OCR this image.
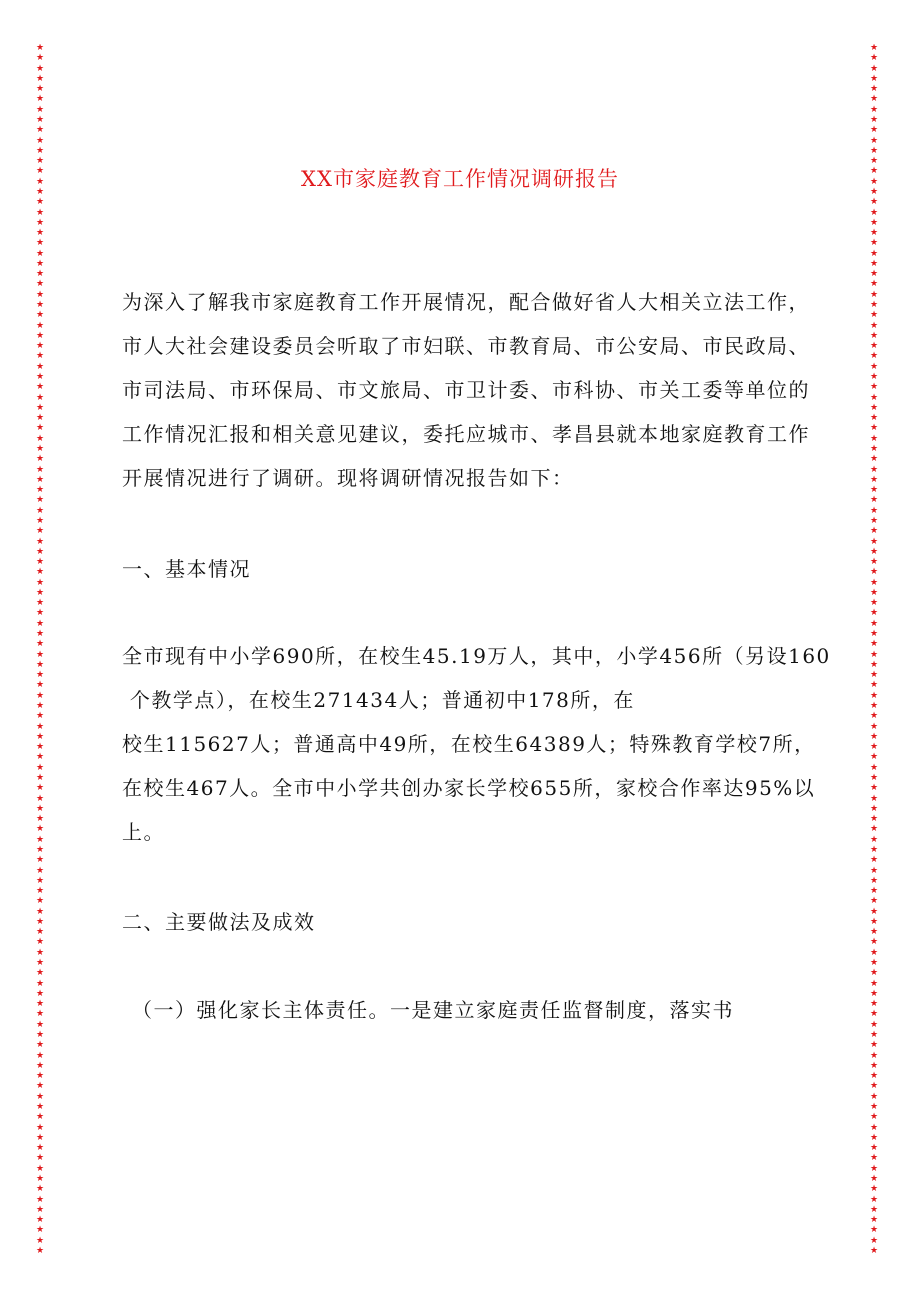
★
★
★
★
★
★
★
★
★
★
★
★
★
★
★
★
★
★
★
★
★
★
★
★
★
★
★
★
★
★
★
★
★
★
★
★
★
★
★
★
★
★
★
★
★
★
★
★
★
★
★
★
★
★
★
★
★
★
★
★
★
★
★
★
★
★
★
★
★
★
★
★
★
★
★
★
★
★
★
★
★
★
★
★
★
★
★
★
★
★
★
★
★
★
★
★
★
★
★
★
★
★
★
★
★
★
★
★
★
★
★
★
★
★
★
★
★
★
★
★
★
★
★
★
★
★
★
★
★
★
★
★
★
★
★
★
★
★
★
★
★
★
★
★
★
★
★
★
★
★
★
★
★
★
★
★
★
★
★
★
★
★
★
★
★
★
★
★
★
★
★
★
★
★
★
★
★
★
★
★
★
★
★
★
★
★
★
★
★
★
★
★
★
★
★
★
★
★
★
★
★
★
★
★
★
★
★
★
★
★
★
★
★
★
★
★
★
★
★
★
★
★
★
★
★
★
★
★
★
★
★
★
★
★
★
★
XX市家庭教育工作情况调研报告
为深入了解我市家庭教育工作开展情况，配合做好省人大相关立法工作，
市人大社会建设委员会听取了市妇联、市教育局、市公安局、市民政局、
市司法局、市环保局、市文旅局、市卫计委、市科协、市关工委等单位的
工作情况汇报和相关意见建议，委托应城市、孝昌县就本地家庭教育工作
开展情况进行了调研。现将调研情况报告如下：
一、基本情况
全市现有中小学690所，在校生45.19万人，其中，小学456所（另设160
个教学点），在校生271434人；普通初中178所，在
校生115627人；普通高中49所，在校生64389人；特殊教育学校7所，
在校生467人。全市中小学共创办家长学校655所，家校合作率达95%以
上。
二、主要做法及成效
（一）强化家长主体责任。一是建立家庭责任监督制度，落实书
